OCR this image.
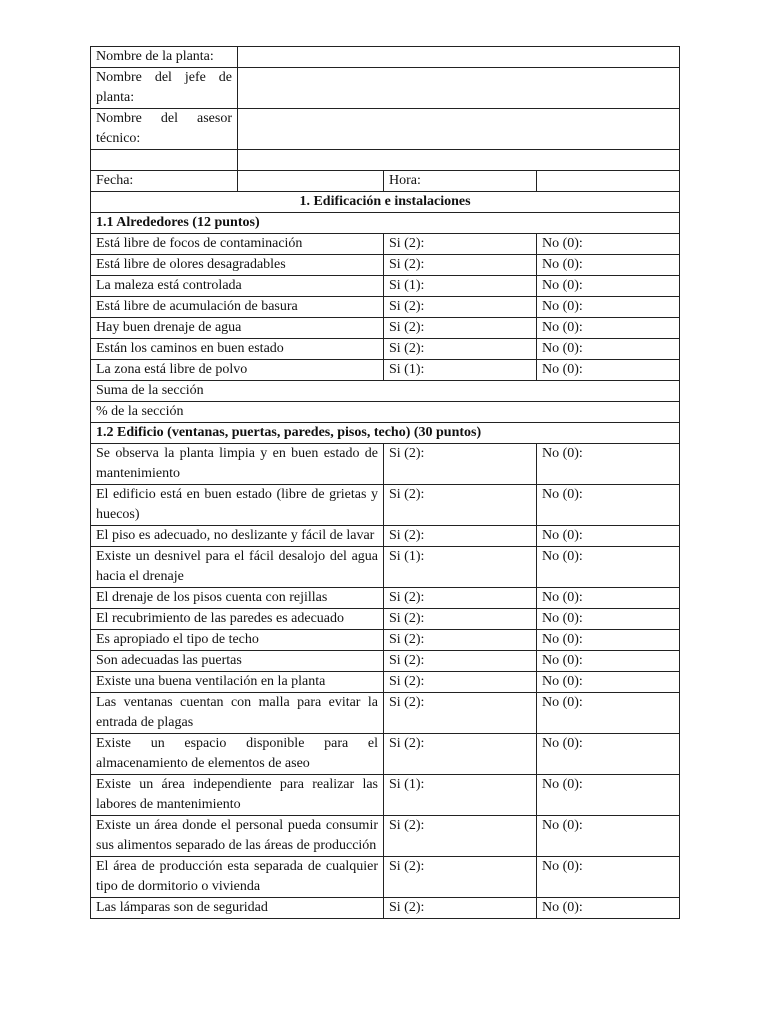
Nombre de la planta:			
Nombre del jefe de planta:			
Nombre del asesor técnico:			

Fecha:		Hora:	
1. Edificación e instalaciones			
1.1 Alrededores (12 puntos)			
Está libre de focos de contaminación		Si (2):	No (0):
Está libre de olores desagradables		Si (2):	No (0):
La maleza está controlada		Si (1):	No (0):
Está libre de acumulación de basura		Si (2):	No (0):
Hay buen drenaje de agua		Si (2):	No (0):
Están los caminos en buen estado		Si (2):	No (0):
La zona está libre de polvo		Si (1):	No (0):
Suma de la sección			
% de la sección			
1.2 Edificio (ventanas, puertas, paredes, pisos, techo) (30 puntos)			
Se observa la planta limpia y en buen estado de mantenimiento		Si (2):	No (0):
El edificio está en buen estado (libre de grietas y huecos)		Si (2):	No (0):
El piso es adecuado, no deslizante y fácil de lavar		Si (2):	No (0):
Existe un desnivel para el fácil desalojo del agua hacia el drenaje		Si (1):	No (0):
El drenaje de los pisos cuenta con rejillas		Si (2):	No (0):
El recubrimiento de las paredes es adecuado		Si (2):	No (0):
Es apropiado el tipo de techo		Si (2):	No (0):
Son adecuadas las puertas		Si (2):	No (0):
Existe una buena ventilación en la planta		Si (2):	No (0):
Las ventanas cuentan con malla para evitar la entrada de plagas		Si (2):	No (0):
Existe un espacio disponible para el almacenamiento de elementos de aseo		Si (2):	No (0):
Existe un área independiente para realizar las labores de mantenimiento		Si (1):	No (0):
Existe un área donde el personal pueda consumir sus alimentos separado de las áreas de producción		Si (2):	No (0):
El área de producción esta separada de cualquier tipo de dormitorio o vivienda		Si (2):	No (0):
Las lámparas son de seguridad		Si (2):	No (0):
